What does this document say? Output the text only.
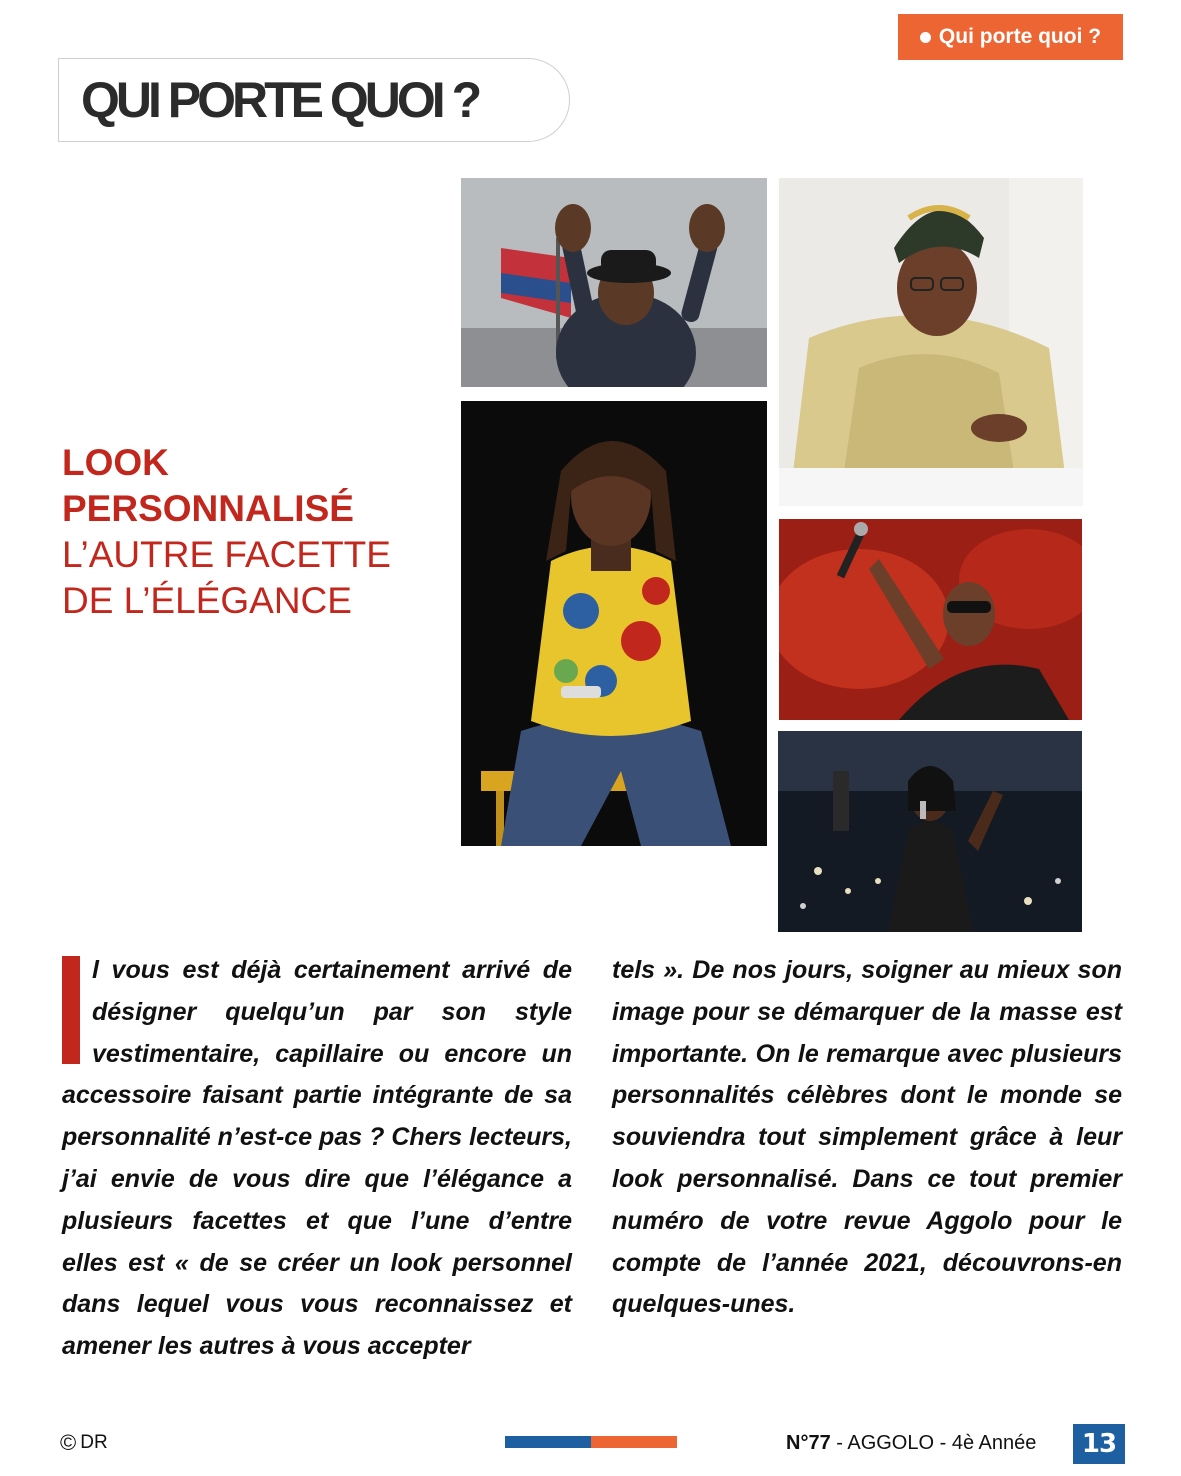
Qui porte quoi ?
QUI PORTE QUOI ?
LOOK
PERSONNALISÉ
L’AUTRE FACETTE
DE L’ÉLÉGANCE
l vous est déjà certainement arrivé de désigner quelqu’un par son style vestimentaire, capillaire ou encore un accessoire faisant partie intégrante de sa personnalité n’est-ce pas ? Chers lecteurs, j’ai envie de vous dire que l’élégance a plusieurs facettes et que l’une d’entre elles est « de se créer un look personnel dans lequel vous vous reconnaissez et amener les autres à vous accepter
tels ». De nos jours, soigner au mieux son image pour se démarquer de la masse est importante. On le remarque avec plusieurs personnalités célèbres dont le monde se souviendra tout simplement grâce à leur look personnalisé. Dans ce tout premier numéro de votre revue Aggolo pour le compte de l’année 2021, découvrons-en quelques-unes.
© DR	N°77 - AGGOLO - 4è Année	13
